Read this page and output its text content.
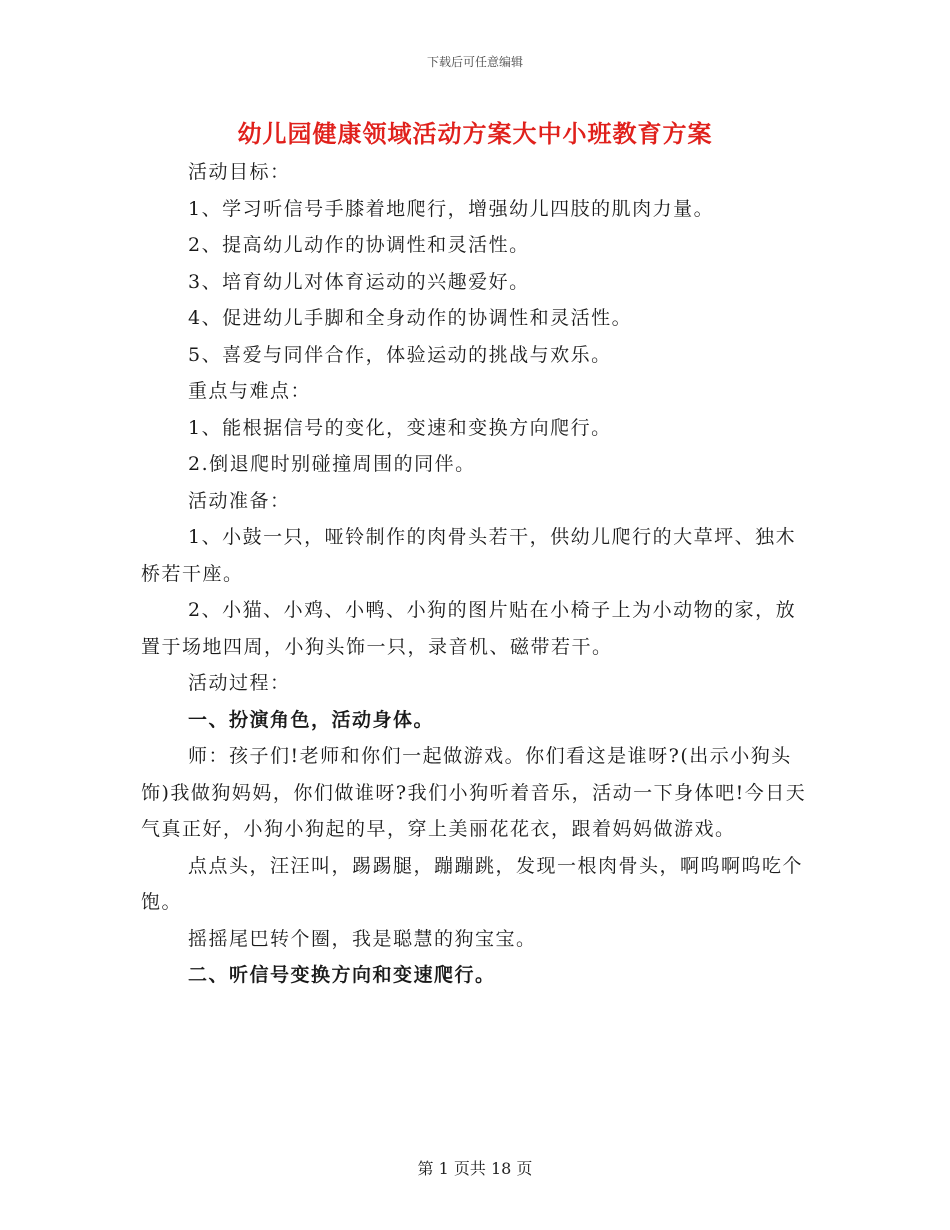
下载后可任意编辑
幼儿园健康领域活动方案大中小班教育方案

活动目标：

1、学习听信号手膝着地爬行，增强幼儿四肢的肌肉力量。

2、提高幼儿动作的协调性和灵活性。

3、培育幼儿对体育运动的兴趣爱好。

4、促进幼儿手脚和全身动作的协调性和灵活性。

5、喜爱与同伴合作，体验运动的挑战与欢乐。

重点与难点：

1、能根据信号的变化，变速和变换方向爬行。

2.倒退爬时别碰撞周围的同伴。

活动准备：

1、小鼓一只，哑铃制作的肉骨头若干，供幼儿爬行的大草坪、独木桥若干座。

2、小猫、小鸡、小鸭、小狗的图片贴在小椅子上为小动物的家，放置于场地四周，小狗头饰一只，录音机、磁带若干。

活动过程：

一、扮演角色，活动身体。

师：孩子们!老师和你们一起做游戏。你们看这是谁呀?(出示小狗头饰)我做狗妈妈，你们做谁呀?我们小狗听着音乐，活动一下身体吧!今日天气真正好，小狗小狗起的早，穿上美丽花花衣，跟着妈妈做游戏。

点点头，汪汪叫，踢踢腿，蹦蹦跳，发现一根肉骨头，啊呜啊呜吃个饱。

摇摇尾巴转个圈，我是聪慧的狗宝宝。

二、听信号变换方向和变速爬行。

第 1 页共 18 页
